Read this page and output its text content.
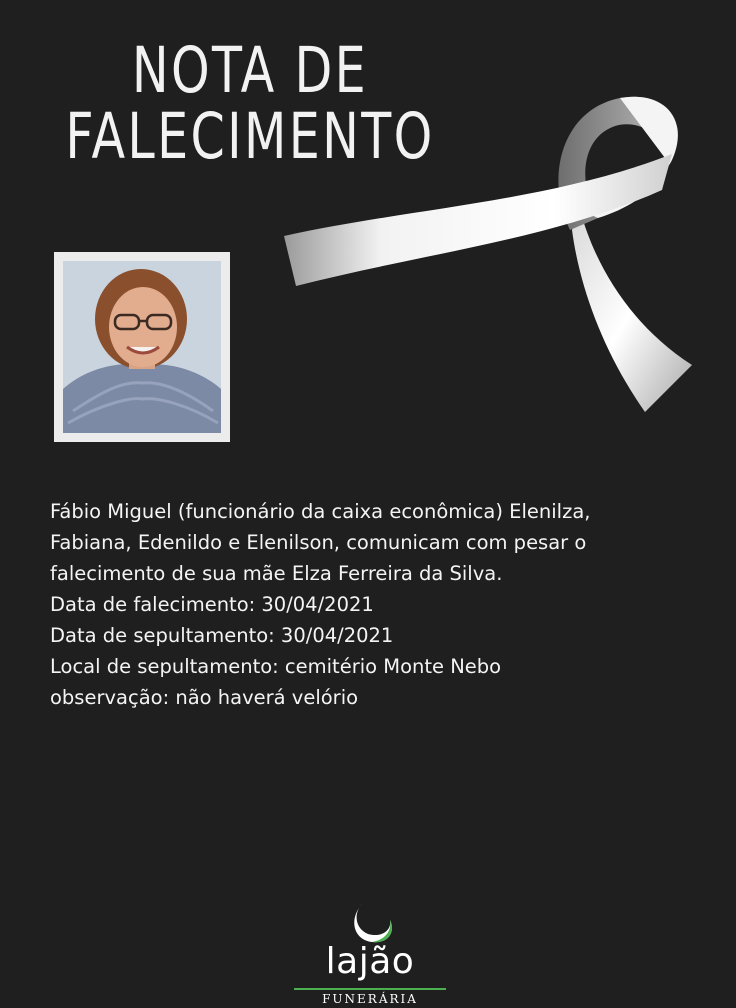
NOTA DE
FALECIMENTO

Fábio Miguel (funcionário da caixa econômica) Elenilza,

Fabiana, Edenildo e Elenilson, comunicam com pesar o

falecimento de sua mãe Elza Ferreira da Silva.

Data de falecimento: 30/04/2021

Data de sepultamento: 30/04/2021

Local de sepultamento: cemitério Monte Nebo

observação: não haverá velório

lajão
FUNERÁRIA
